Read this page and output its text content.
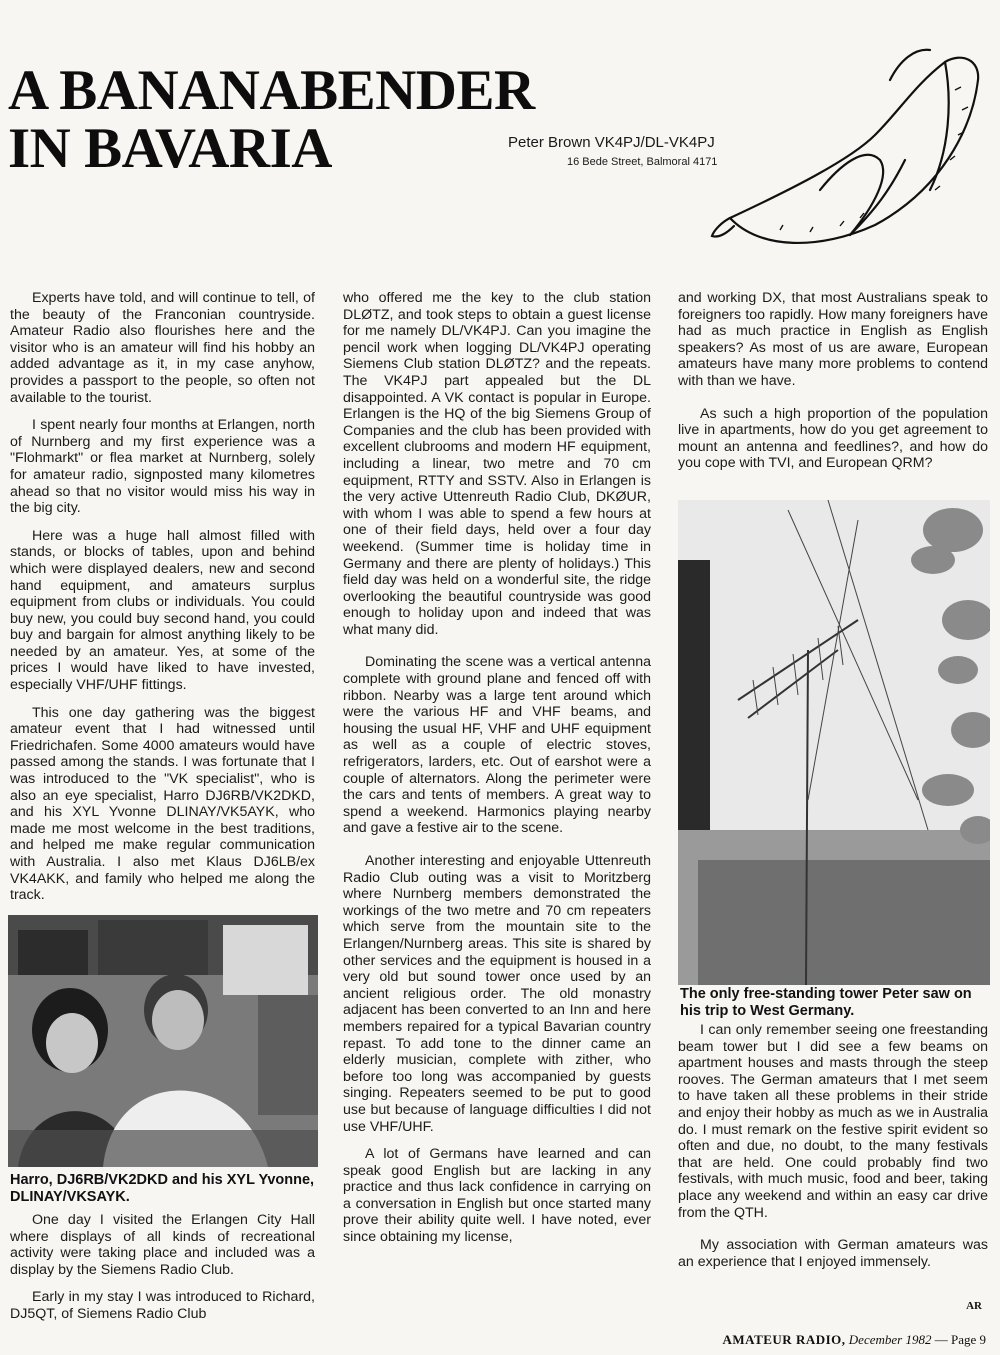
A BANANABENDER
IN BAVARIA	Peter Brown VK4PJ/DL-VK4PJ
16 Bede Street, Balmoral 4171

Experts have told, and will continue to tell, of the beauty of the Franconian countryside. Amateur Radio also flourishes here and the visitor who is an amateur will find his hobby an added advantage as it, in my case anyhow, provides a passport to the people, so often not available to the tourist.

I spent nearly four months at Erlangen, north of Nurnberg and my first experience was a "Flohmarkt" or flea market at Nurnberg, solely for amateur radio, signposted many kilometres ahead so that no visitor would miss his way in the big city.

Here was a huge hall almost filled with stands, or blocks of tables, upon and behind which were displayed dealers, new and second hand equipment, and amateurs surplus equipment from clubs or individuals. You could buy new, you could buy second hand, you could buy and bargain for almost anything likely to be needed by an amateur. Yes, at some of the prices I would have liked to have invested, especially VHF/UHF fittings.

This one day gathering was the biggest amateur event that I had witnessed until Friedrichafen. Some 4000 amateurs would have passed among the stands. I was fortunate that I was introduced to the "VK specialist", who is also an eye specialist, Harro DJ6RB/VK2DKD, and his XYL Yvonne DLINAY/VK5AYK, who made me most welcome in the best traditions, and helped me make regular communication with Australia. I also met Klaus DJ6LB/ex VK4AKK, and family who helped me along the track.

Harro, DJ6RB/VK2DKD and his XYL Yvonne, DLINAY/VKSAYK.

One day I visited the Erlangen City Hall where displays of all kinds of recreational activity were taking place and included was a display by the Siemens Radio Club.

Early in my stay I was introduced to Richard, DJ5QT, of Siemens Radio Club

who offered me the key to the club station DLØTZ, and took steps to obtain a guest license for me namely DL/VK4PJ. Can you imagine the pencil work when logging DL/VK4PJ operating Siemens Club station DLØTZ? and the repeats. The VK4PJ part appealed but the DL disappointed. A VK contact is popular in Europe. Erlangen is the HQ of the big Siemens Group of Companies and the club has been provided with excellent clubrooms and modern HF equipment, including a linear, two metre and 70 cm equipment, RTTY and SSTV. Also in Erlangen is the very active Uttenreuth Radio Club, DKØUR, with whom I was able to spend a few hours at one of their field days, held over a four day weekend. (Summer time is holiday time in Germany and there are plenty of holidays.) This field day was held on a wonderful site, the ridge overlooking the beautiful countryside was good enough to holiday upon and indeed that was what many did.

Dominating the scene was a vertical antenna complete with ground plane and fenced off with ribbon. Nearby was a large tent around which were the various HF and VHF beams, and housing the usual HF, VHF and UHF equipment as well as a couple of electric stoves, refrigerators, larders, etc. Out of earshot were a couple of alternators. Along the perimeter were the cars and tents of members. A great way to spend a weekend. Harmonics playing nearby and gave a festive air to the scene.

Another interesting and enjoyable Uttenreuth Radio Club outing was a visit to Moritzberg where Nurnberg members demonstrated the workings of the two metre and 70 cm repeaters which serve from the mountain site to the Erlangen/Nurnberg areas. This site is shared by other services and the equipment is housed in a very old but sound tower once used by an ancient religious order. The old monastry adjacent has been converted to an Inn and here members repaired for a typical Bavarian country repast. To add tone to the dinner came an elderly musician, complete with zither, who before too long was accompanied by guests singing. Repeaters seemed to be put to good use but because of language difficulties I did not use VHF/UHF.

A lot of Germans have learned and can speak good English but are lacking in any practice and thus lack confidence in carrying on a conversation in English but once started many prove their ability quite well. I have noted, ever since obtaining my license,

and working DX, that most Australians speak to foreigners too rapidly. How many foreigners have had as much practice in English as English speakers? As most of us are aware, European amateurs have many more problems to contend with than we have.

As such a high proportion of the population live in apartments, how do you get agreement to mount an antenna and feedlines?, and how do you cope with TVI, and European QRM?

The only free-standing tower Peter saw on his trip to West Germany.

I can only remember seeing one freestanding beam tower but I did see a few beams on apartment houses and masts through the steep rooves. The German amateurs that I met seem to have taken all these problems in their stride and enjoy their hobby as much as we in Australia do. I must remark on the festive spirit evident so often and due, no doubt, to the many festivals that are held. One could probably find two festivals, with much music, food and beer, taking place any weekend and within an easy car drive from the QTH.

My association with German amateurs was an experience that I enjoyed immensely.

AR
AMATEUR RADIO, December 1982 — Page 9
